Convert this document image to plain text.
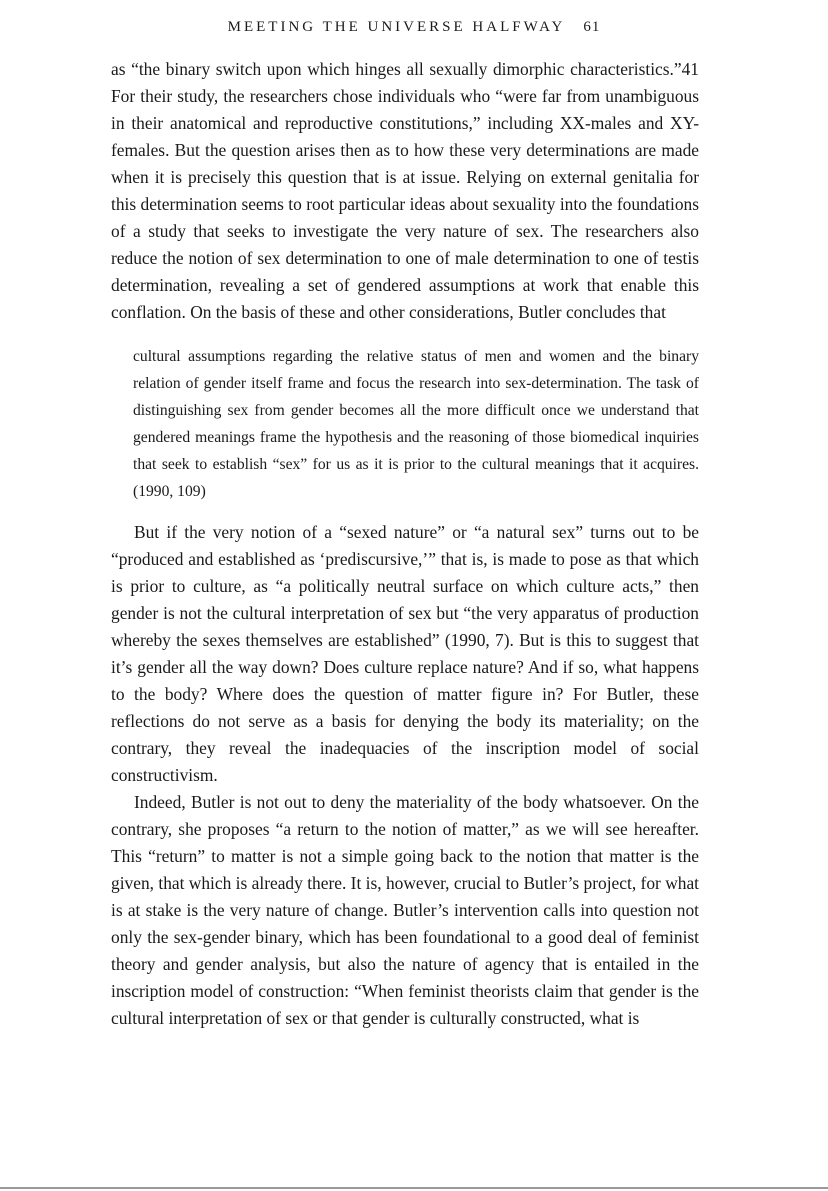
MEETING THE UNIVERSE HALFWAY 61

as “the binary switch upon which hinges all sexually dimorphic characteristics.”41 For their study, the researchers chose individuals who “were far from unambiguous in their anatomical and reproductive constitutions,” including XX-males and XY-females. But the question arises then as to how these very determinations are made when it is precisely this question that is at issue. Relying on external genitalia for this determination seems to root particular ideas about sexuality into the foundations of a study that seeks to investigate the very nature of sex. The researchers also reduce the notion of sex determination to one of male determination to one of testis determination, revealing a set of gendered assumptions at work that enable this conflation. On the basis of these and other considerations, Butler concludes that

cultural assumptions regarding the relative status of men and women and the binary relation of gender itself frame and focus the research into sex-determination. The task of distinguishing sex from gender becomes all the more difficult once we understand that gendered meanings frame the hypothesis and the reasoning of those biomedical inquiries that seek to establish “sex” for us as it is prior to the cultural meanings that it acquires. (1990, 109)

But if the very notion of a “sexed nature” or “a natural sex” turns out to be “produced and established as ‘prediscursive,’” that is, is made to pose as that which is prior to culture, as “a politically neutral surface on which culture acts,” then gender is not the cultural interpretation of sex but “the very apparatus of production whereby the sexes themselves are established” (1990, 7). But is this to suggest that it’s gender all the way down? Does culture replace nature? And if so, what happens to the body? Where does the question of matter figure in? For Butler, these reflections do not serve as a basis for denying the body its materiality; on the contrary, they reveal the inadequacies of the inscription model of social constructivism.

Indeed, Butler is not out to deny the materiality of the body whatsoever. On the contrary, she proposes “a return to the notion of matter,” as we will see hereafter. This “return” to matter is not a simple going back to the notion that matter is the given, that which is already there. It is, however, crucial to Butler’s project, for what is at stake is the very nature of change. Butler’s intervention calls into question not only the sex-gender binary, which has been foundational to a good deal of feminist theory and gender analysis, but also the nature of agency that is entailed in the inscription model of construction: “When feminist theorists claim that gender is the cultural interpretation of sex or that gender is culturally constructed, what is
